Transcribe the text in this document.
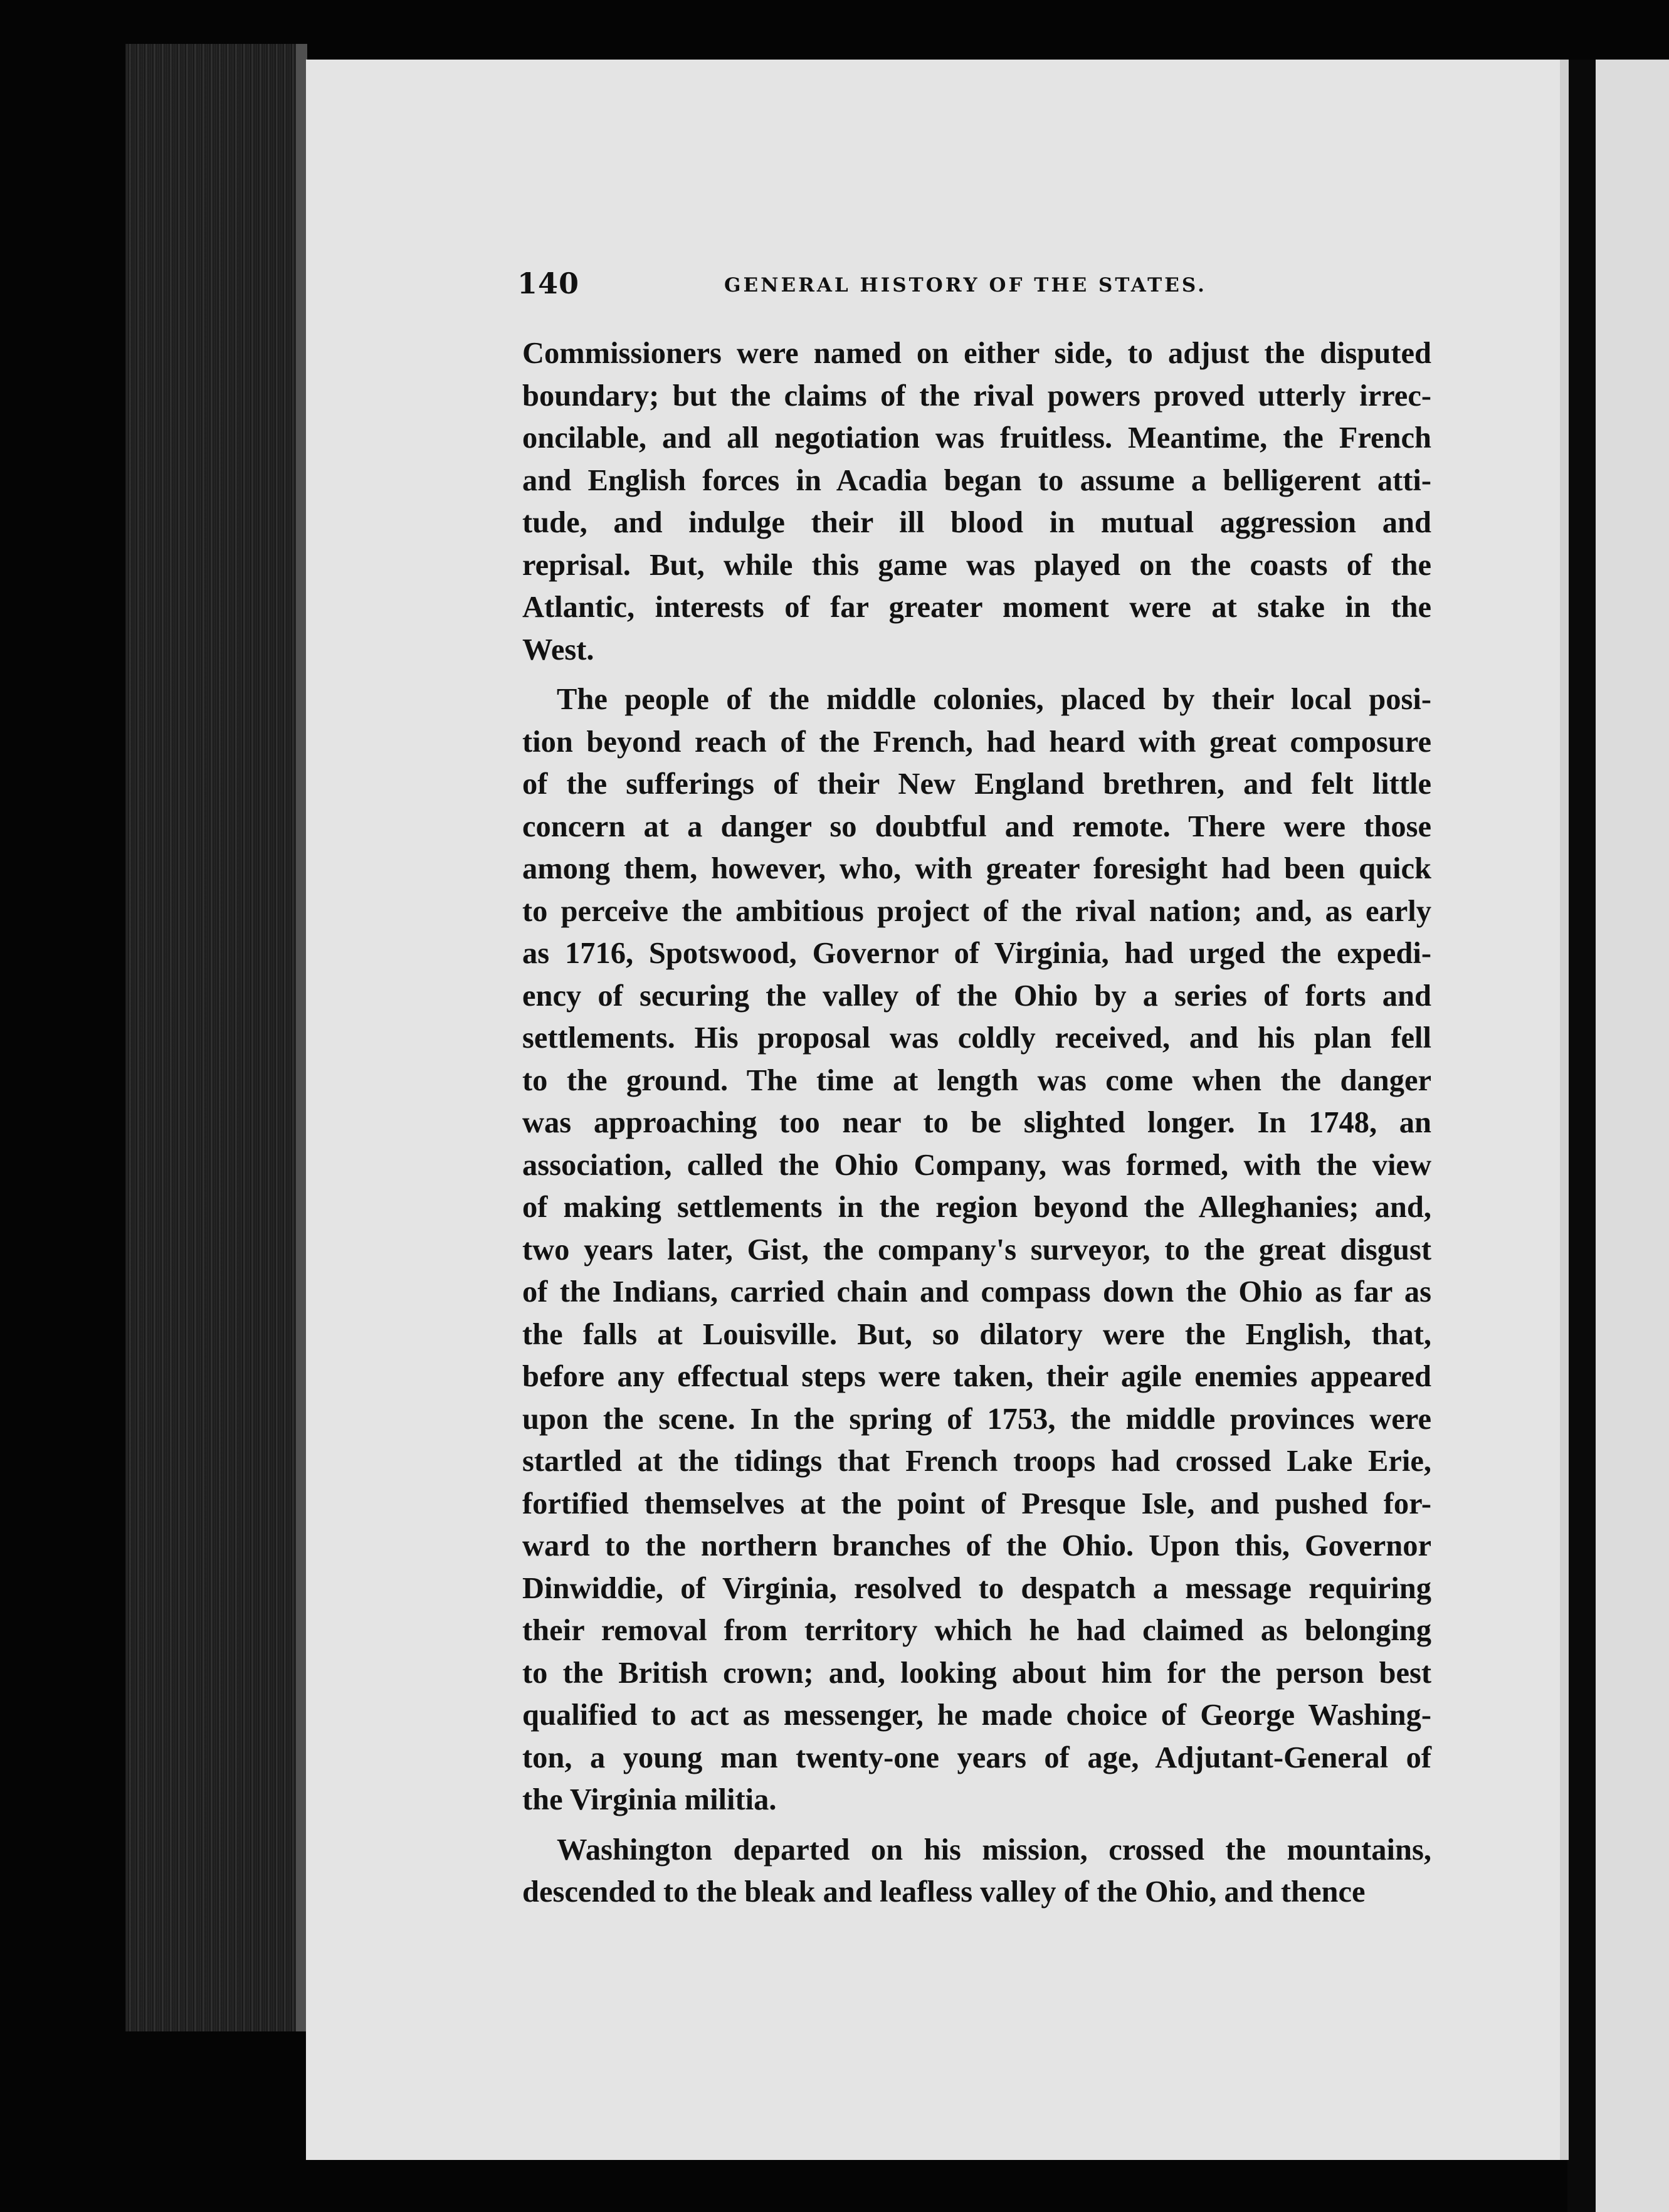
140	GENERAL HISTORY OF THE STATES.
Commissioners were named on either side, to adjust the disputed
boundary; but the claims of the rival powers proved utterly irrec-
oncilable, and all negotiation was fruitless. Meantime, the French
and English forces in Acadia began to assume a belligerent atti-
tude, and indulge their ill blood in mutual aggression and
reprisal. But, while this game was played on the coasts of the
Atlantic, interests of far greater moment were at stake in the
West.
The people of the middle colonies, placed by their local posi-
tion beyond reach of the French, had heard with great composure
of the sufferings of their New England brethren, and felt little
concern at a danger so doubtful and remote. There were those
among them, however, who, with greater foresight had been quick
to perceive the ambitious project of the rival nation; and, as early
as 1716, Spotswood, Governor of Virginia, had urged the expedi-
ency of securing the valley of the Ohio by a series of forts and
settlements. His proposal was coldly received, and his plan fell
to the ground. The time at length was come when the danger
was approaching too near to be slighted longer. In 1748, an
association, called the Ohio Company, was formed, with the view
of making settlements in the region beyond the Alleghanies; and,
two years later, Gist, the company's surveyor, to the great disgust
of the Indians, carried chain and compass down the Ohio as far as
the falls at Louisville. But, so dilatory were the English, that,
before any effectual steps were taken, their agile enemies appeared
upon the scene. In the spring of 1753, the middle provinces were
startled at the tidings that French troops had crossed Lake Erie,
fortified themselves at the point of Presque Isle, and pushed for-
ward to the northern branches of the Ohio. Upon this, Governor
Dinwiddie, of Virginia, resolved to despatch a message requiring
their removal from territory which he had claimed as belonging
to the British crown; and, looking about him for the person best
qualified to act as messenger, he made choice of George Washing-
ton, a young man twenty-one years of age, Adjutant-General of
the Virginia militia.
Washington departed on his mission, crossed the mountains,
descended to the bleak and leafless valley of the Ohio, and thence
